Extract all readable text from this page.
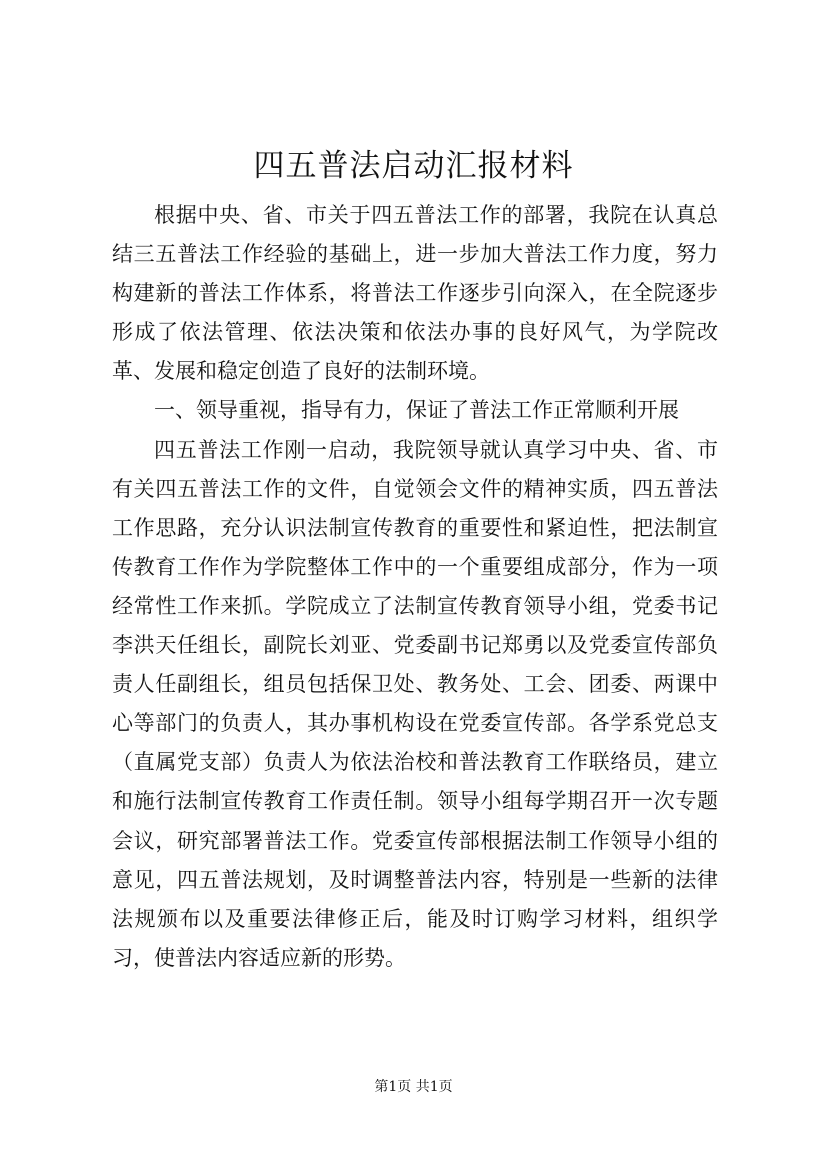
四五普法启动汇报材料

根据中央、省、市关于四五普法工作的部署，我院在认真总结三五普法工作经验的基础上，进一步加大普法工作力度，努力构建新的普法工作体系，将普法工作逐步引向深入，在全院逐步形成了依法管理、依法决策和依法办事的良好风气，为学院改革、发展和稳定创造了良好的法制环境。

一、领导重视，指导有力，保证了普法工作正常顺利开展

四五普法工作刚一启动，我院领导就认真学习中央、省、市有关四五普法工作的文件，自觉领会文件的精神实质，四五普法工作思路，充分认识法制宣传教育的重要性和紧迫性，把法制宣传教育工作作为学院整体工作中的一个重要组成部分，作为一项经常性工作来抓。学院成立了法制宣传教育领导小组，党委书记李洪天任组长，副院长刘亚、党委副书记郑勇以及党委宣传部负责人任副组长，组员包括保卫处、教务处、工会、团委、两课中心等部门的负责人，其办事机构设在党委宣传部。各学系党总支（直属党支部）负责人为依法治校和普法教育工作联络员，建立和施行法制宣传教育工作责任制。领导小组每学期召开一次专题会议，研究部署普法工作。党委宣传部根据法制工作领导小组的意见，四五普法规划，及时调整普法内容，特别是一些新的法律法规颁布以及重要法律修正后，能及时订购学习材料，组织学习，使普法内容适应新的形势。

第1页 共1页
